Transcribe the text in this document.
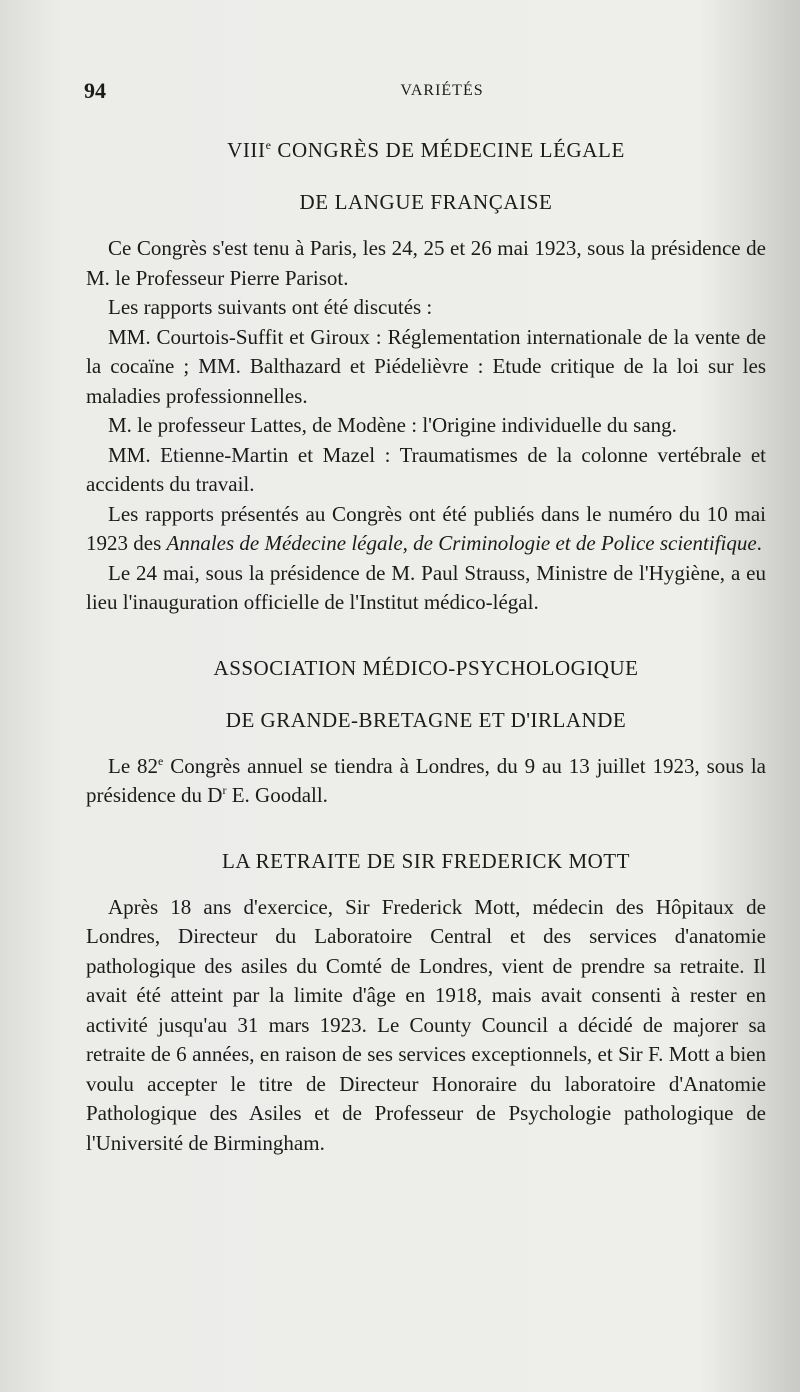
94	VARIÉTÉS
VIIIe CONGRÈS DE MÉDECINE LÉGALE
DE LANGUE FRANÇAISE

Ce Congrès s'est tenu à Paris, les 24, 25 et 26 mai 1923, sous la présidence de M. le Professeur Pierre Parisot.

Les rapports suivants ont été discutés :

MM. Courtois-Suffit et Giroux : Réglementation internationale de la vente de la cocaïne ; MM. Balthazard et Piédelièvre : Etude critique de la loi sur les maladies professionnelles.

M. le professeur Lattes, de Modène : l'Origine individuelle du sang.

MM. Etienne-Martin et Mazel : Traumatismes de la colonne vertébrale et accidents du travail.

Les rapports présentés au Congrès ont été publiés dans le numéro du 10 mai 1923 des Annales de Médecine légale, de Criminologie et de Police scientifique.

Le 24 mai, sous la présidence de M. Paul Strauss, Ministre de l'Hygiène, a eu lieu l'inauguration officielle de l'Institut médico-légal.

ASSOCIATION MÉDICO-PSYCHOLOGIQUE
DE GRANDE-BRETAGNE ET D'IRLANDE

Le 82e Congrès annuel se tiendra à Londres, du 9 au 13 juillet 1923, sous la présidence du $D^r$ E. Goodall.

LA RETRAITE DE SIR FREDERICK MOTT

Après 18 ans d'exercice, Sir Frederick Mott, médecin des Hôpitaux de Londres, Directeur du Laboratoire Central et des services d'anatomie pathologique des asiles du Comté de Londres, vient de prendre sa retraite. Il avait été atteint par la limite d'âge en 1918, mais avait consenti à rester en activité jusqu'au 31 mars 1923. Le County Council a décidé de majorer sa retraite de 6 années, en raison de ses services exceptionnels, et Sir F. Mott a bien voulu accepter le titre de Directeur Honoraire du laboratoire d'Anatomie Pathologique des Asiles et de Professeur de Psychologie pathologique de l'Université de Birmingham.
